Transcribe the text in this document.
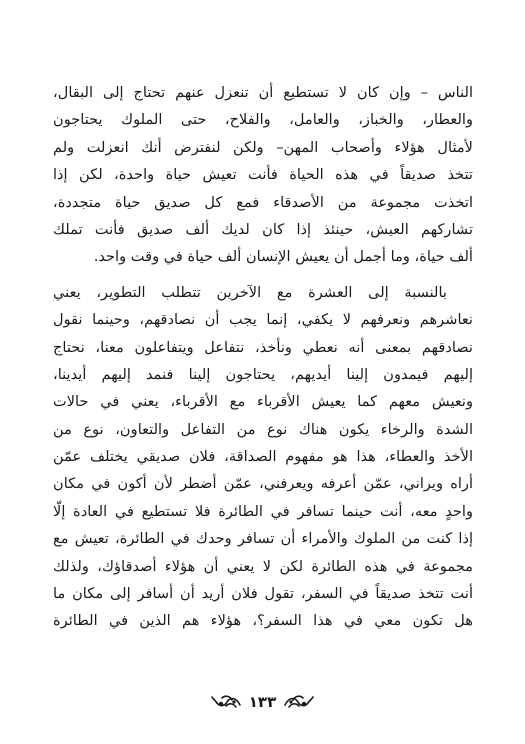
الناس – وإن كان لا تستطيع أن تنعزل عنهم تحتاج إلى البقال،
والعطار، والخباز، والعامل، والفلاح، حتى الملوك يحتاجون
لأمثال هؤلاء وأصحاب المهن– ولكن لنفترض أنك انعزلت ولم
تتخذ صديقاً في هذه الحياة فأنت تعيش حياة واحدة، لكن إذا
اتخذت مجموعة من الأصدقاء فمع كل صديق حياة متجددة،
تشاركهم العيش، حينئذ إذا كان لديك ألف صديق فأنت تملك
ألف حياة، وما أجمل أن يعيش الإنسان ألف حياة في وقت واحد.
بالنسبة إلى العشرة مع الآخرين تتطلب التطوير، يعني
نعاشرهم ونعرفهم لا يكفي، إنما يجب أن نصادقهم، وحينما نقول
نصادقهم بمعنى أنه نعطي ونأخذ، نتفاعل ويتفاعلون معنا، نحتاج
إليهم فيمدون إلينا أيديهم، يحتاجون إلينا فنمد إليهم أيدينا،
ونعيش معهم كما يعيش الأقرباء مع الأقرباء، يعني في حالات
الشدة والرخاء يكون هناك نوع من التفاعل والتعاون، نوع من
الأخذ والعطاء، هذا هو مفهوم الصداقة، فلان صديقي يختلف عمّن
أراه ويراني، عمّن أعرفه ويعرفني، عمّن أضطر لأن أكون في مكان
واحدٍ معه، أنت حينما تسافر في الطائرة فلا تستطيع في العادة إلّا
إذا كنت من الملوك والأمراء أن تسافر وحدك في الطائرة، تعيش مع
مجموعة في هذه الطائرة لكن لا يعني أن هؤلاء أصدقاؤك، ولذلك
أنت تتخذ صديقاً في السفر، تقول فلان أريد أن أسافر إلى مكان ما
هل تكون معي في هذا السفر؟، هؤلاء هم الذين في الطائرة
١٣٣
